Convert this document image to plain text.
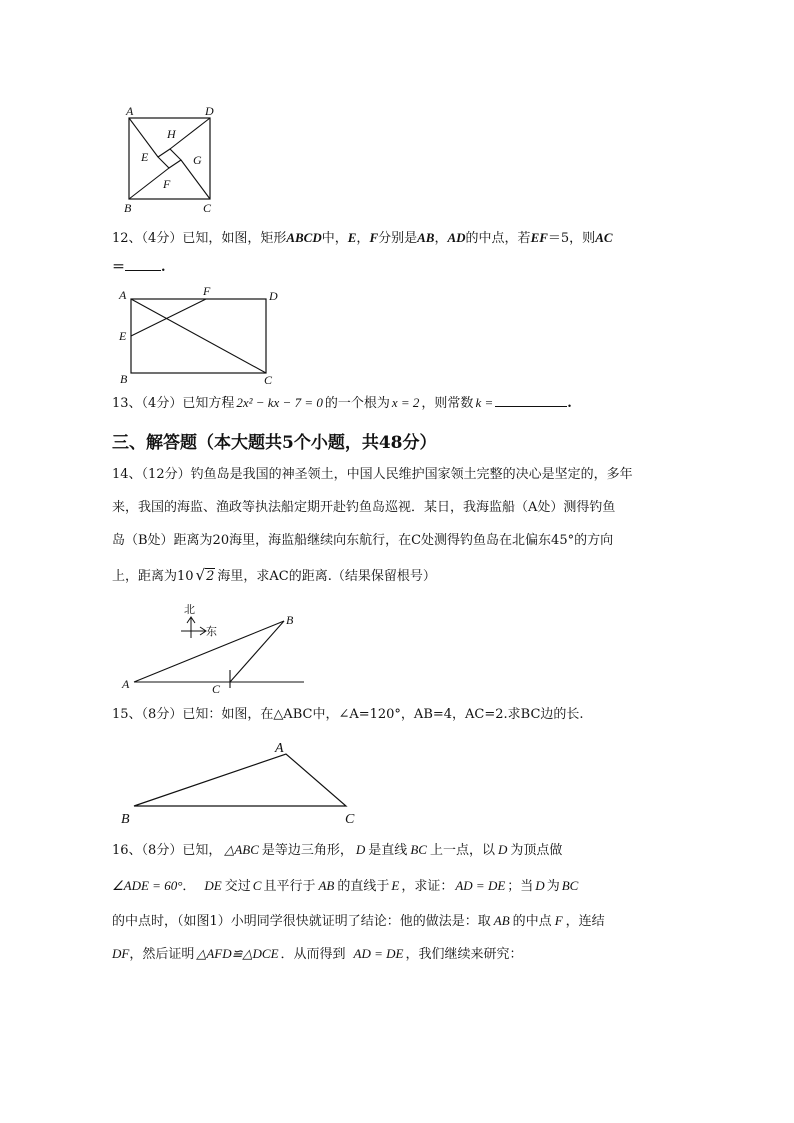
A	D
H
E	G
F
B	C
12、（4分）已知，如图，矩形ABCD中，E，F分别是AB，AD的中点，若EF＝5，则AC
＝	.
A	F	D
E
B	C
13、（4分）已知方程 2x² − kx − 7 = 0 的一个根为 x = 2 ，则常数 k =	.
三、解答题（本大题共5个小题，共48分）
14、（12分）钓鱼岛是我国的神圣领土，中国人民维护国家领土完整的决心是坚定的，多年
来，我国的海监、渔政等执法船定期开赴钓鱼岛巡视．某日，我海监船（A处）测得钓鱼
岛（B处）距离为20海里，海监船继续向东航行，在C处测得钓鱼岛在北偏东45°的方向
上，距离为10 √2 海里，求AC的距离.（结果保留根号）
北
东
A
B
C
15、（8分）已知：如图，在△ABC中，∠A=120°，AB=4，AC=2.求BC边的长.
A
B	C
16、（8分）已知， △ABC 是等边三角形， D 是直线 BC 上一点，以 D 为顶点做
∠ADE = 60°． DE 交过 C 且平行于 AB 的直线于 E ，求证： AD = DE ；当 D 为 BC
的中点时，（如图1）小明同学很快就证明了结论：他的做法是：取 AB 的中点 F ，连结
DF，然后证明 △AFD≌△DCE ．从而得到 AD = DE ，我们继续来研究：
